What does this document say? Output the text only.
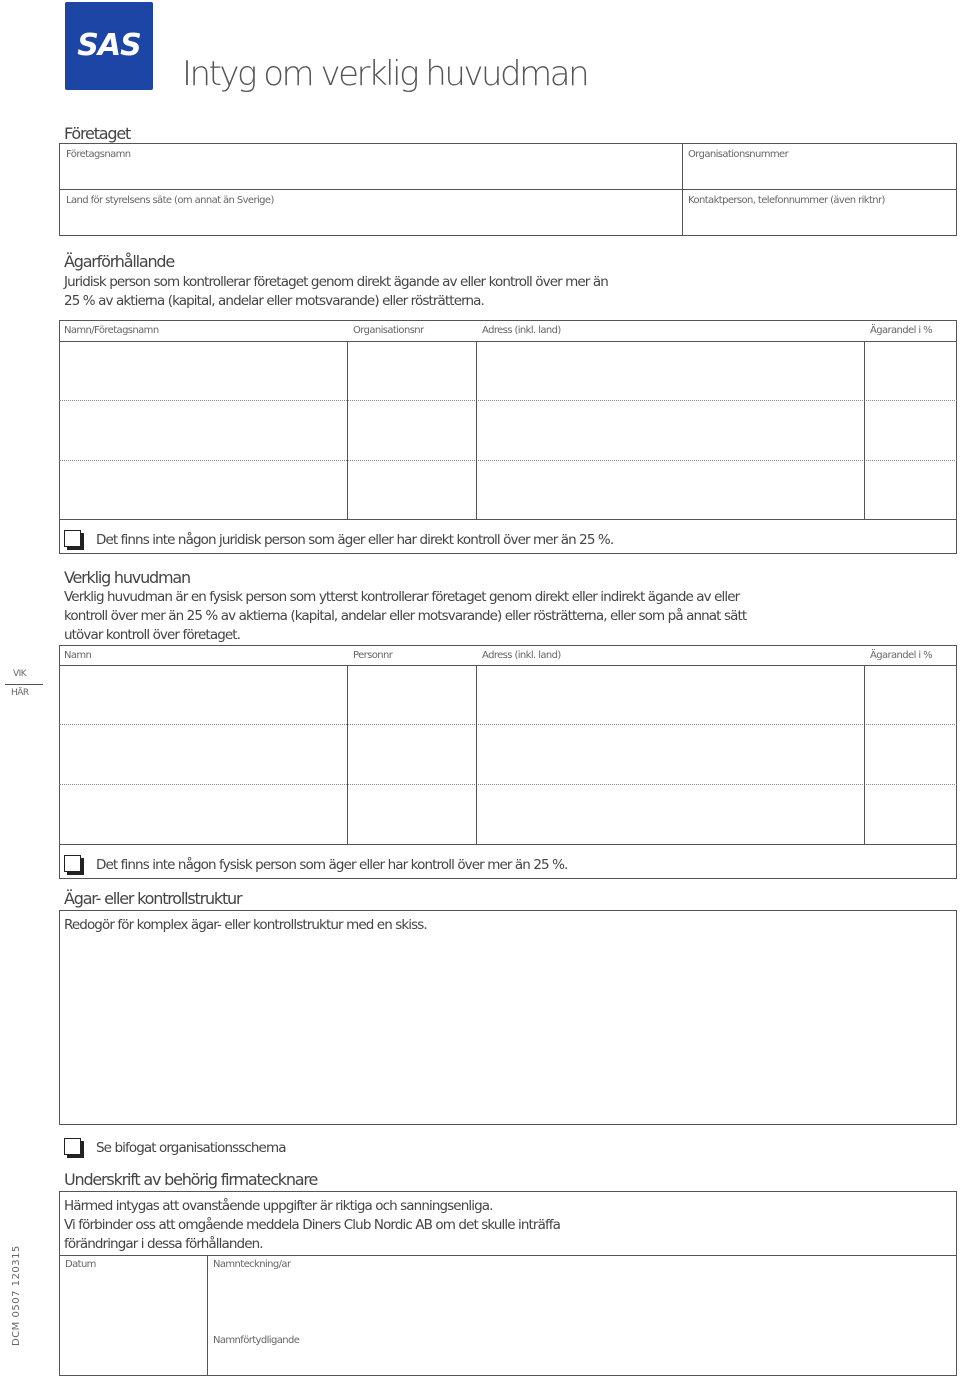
SAS
Intyg om verklig huvudman
Företaget
Företagsnamn	Organisationsnummer
Land för styrelsens säte (om annat än Sverige)	Kontaktperson, telefonnummer (även riktnr)
Ägarförhållande
Juridisk person som kontrollerar företaget genom direkt ägande av eller kontroll över mer än
25 % av aktierna (kapital, andelar eller motsvarande) eller rösträtterna.
Namn/Företagsnamn	Organisationsnr	Adress (inkl. land)	Ägarandel i %
Det finns inte någon juridisk person som äger eller har direkt kontroll över mer än 25 %.
Verklig huvudman
Verklig huvudman är en fysisk person som ytterst kontrollerar företaget genom direkt eller indirekt ägande av eller
kontroll över mer än 25 % av aktierna (kapital, andelar eller motsvarande) eller rösträtterna, eller som på annat sätt
utövar kontroll över företaget.
Namn	Personnr	Adress (inkl. land)	Ägarandel i %
Det finns inte någon fysisk person som äger eller har kontroll över mer än 25 %.
VIK
HÄR
Ägar- eller kontrollstruktur
Redogör för komplex ägar- eller kontrollstruktur med en skiss.
Se bifogat organisationsschema
Underskrift av behörig firmatecknare
Härmed intygas att ovanstående uppgifter är riktiga och sanningsenliga.
Vi förbinder oss att omgående meddela Diners Club Nordic AB om det skulle inträffa
förändringar i dessa förhållanden.
Datum	Namnteckning/ar
Namnförtydligande
DCM 0507 120315
